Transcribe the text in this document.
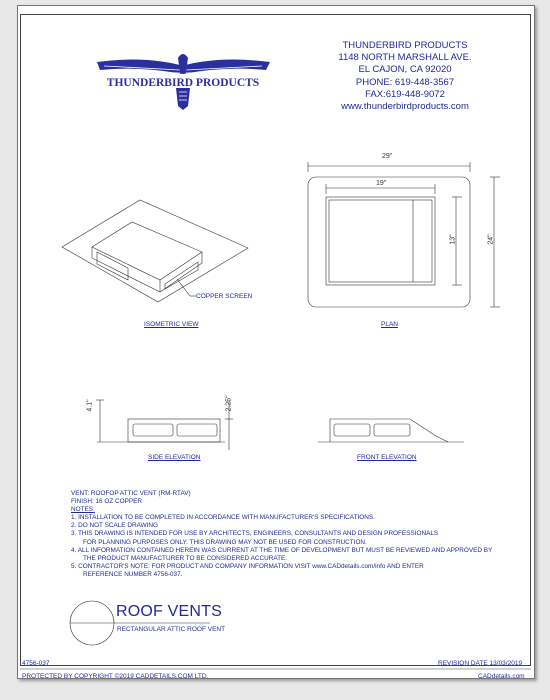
THUNDERBIRD PRODUCTS
29"
19"
13"	24"
4.1"	2.25"
COPPER SCREEN
ISOMETRIC VIEW	PLAN
SIDE ELEVATION	FRONT ELEVATION
THUNDERBIRD PRODUCTS
1148 NORTH MARSHALL AVE.
EL CAJON, CA 92020
PHONE: 619-448-3567
FAX:619-448-9072
www.thunderbirdproducts.com
VENT: ROOFOP ATTIC VENT (RM-RTAV)
FINISH: 16 OZ COPPER
NOTES:
1. INSTALLATION TO BE COMPLETED IN ACCORDANCE WITH MANUFACTURER'S SPECIFICATIONS.
2. DO NOT SCALE DRAWING
3. THIS DRAWING IS INTENDED FOR USE BY ARCHITECTS, ENGINEERS, CONSULTANTS AND DESIGN PROFESSIONALS
FOR PLANNING PURPOSES ONLY. THIS DRAWING MAY NOT BE USED FOR CONSTRUCTION.
4. ALL INFORMATION CONTAINED HEREIN WAS CURRENT AT THE TIME OF DEVELOPMENT BUT MUST BE REVIEWED AND APPROVED BY
THE PRODUCT MANUFACTURER TO BE CONSIDERED ACCURATE.
5. CONTRACTOR'S NOTE: FOR PRODUCT AND COMPANY INFORMATION VISIT www.CADdetails.com/info AND ENTER
REFERENCE NUMBER 4756-037.
ROOF VENTS
RECTANGULAR ATTIC ROOF VENT
4756-037	REVISION DATE 13/03/2019
PROTECTED BY COPYRIGHT ©2019 CADDETAILS.COM LTD.	CADdetails.com
